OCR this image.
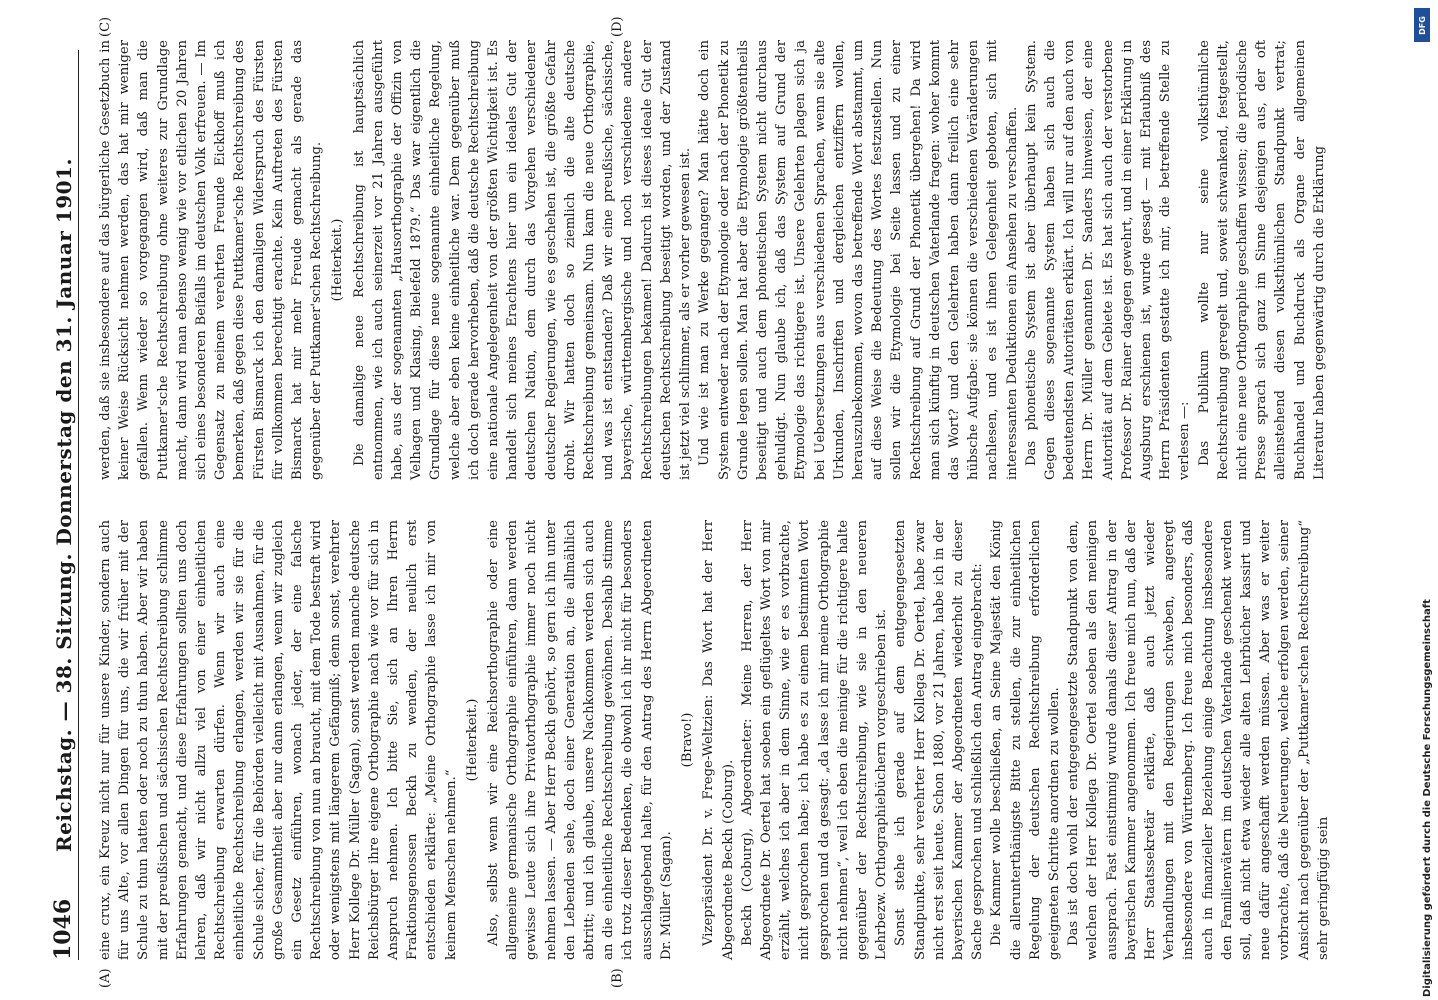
1046
Reichstag. — 38. Sitzung. Donnerstag den 31. Januar 1901.
(A)	(B)
(C)	(D)

eine crux, ein Kreuz nicht nur für unsere Kinder, sondern auch für uns Alte, vor allen Dingen für uns, die wir früher mit der Schule zu thun hatten oder noch zu thun haben. Aber wir haben mit der preußischen und sächsischen Rechtschreibung schlimme Erfahrungen gemacht, und diese Erfahrungen sollten uns doch lehren, daß wir nicht allzu viel von einer einheitlichen Rechtschreibung erwarten dürfen. Wenn wir auch eine einheitliche Rechtschreibung erlangen, werden wir sie für die Schule sicher, für die Behörden vielleicht mit Ausnahmen, für die große Gesammtheit aber nur dann erlangen, wenn wir zugleich ein Gesetz einführen, wonach jeder, der eine falsche Rechtschreibung von nun an braucht, mit dem Tode bestraft wird oder wenigstens mit längerem Gefängniß; denn sonst, verehrter Herr Kollege Dr. Müller (Sagan), sonst werden manche deutsche Reichsbürger ihre eigene Orthographie nach wie vor für sich in Anspruch nehmen. Ich bitte Sie, sich an Ihren Herrn Fraktionsgenossen Beckh zu wenden, der neulich erst entschieden erklärte: „Meine Orthographie lasse ich mir von keinem Menschen nehmen.“

(Heiterkeit.) Also, selbst wenn wir eine Reichsorthographie oder eine allgemeine germanische Orthographie einführen, dann werden gewisse Leute sich ihre Privatorthographie immer noch nicht nehmen lassen. — Aber Herr Beckh gehört, so gern ich ihn unter den Lebenden sehe, doch einer Generation an, die allmählich abtritt; und ich glaube, unsere Nachkommen werden sich auch an die einheitliche Rechtschreibung gewöhnen. Deshalb stimme ich trotz dieser Bedenken, die obwohl ich ihr nicht für besonders ausschlaggebend halte, für den Antrag des Herrn Abgeordneten Dr. Müller (Sagan).

(Bravo!) Vizepräsident Dr. v. Frege-Weltzien: Das Wort hat der Herr Abgeordnete Beckh (Coburg). Beckh (Coburg), Abgeordneter: Meine Herren, der Herr Abgeordnete Dr. Oertel hat soeben ein geflügeltes Wort von mir erzählt, welches ich aber in dem Sinne, wie er es vorbrachte, nicht gesprochen habe; ich habe es zu einem bestimmten Wort gesprochen und da gesagt: „da lasse ich mir meine Orthographie nicht nehmen“, weil ich eben die meinige für die richtigere halte gegenüber der Rechtschreibung, wie sie in den neueren Lehrbezw. Orthographiebüchern vorgeschrieben ist. Sonst stehe ich gerade auf dem entgegengesetzten Standpunkte, sehr verehrter Herr Kollega Dr. Oertel, habe zwar nicht erst seit heute. Schon 1880, vor 21 Jahren, habe ich in der bayerischen Kammer der Abgeordneten wiederholt zu dieser Sache gesprochen und schließlich den Antrag eingebracht: Die Kammer wolle beschließen, an Seine Majestät den König die allerunterthänigste Bitte zu stellen, die zur einheitlichen Regelung der deutschen Rechtschreibung erforderlichen geeigneten Schritte anordnen zu wollen. Das ist doch wohl der entgegengesetzte Standpunkt von dem, welchen der Herr Kollega Dr. Oertel soeben als den meinigen aussprach. Fast einstimmig wurde damals dieser Antrag in der bayerischen Kammer angenommen. Ich freue mich nun, daß der Herr Staatssekretär erklärte, daß auch jetzt wieder Verhandlungen mit den Regierungen schweben, angeregt insbesondere von Württemberg. Ich freue mich besonders, daß auch in finanzieller Beziehung einige Beachtung insbesondere den Familienvätern im deutschen Vaterlande geschenkt werden soll, daß nicht etwa wieder alle alten Lehrbücher kassirt und neue dafür angeschafft werden müssen. Aber was er weiter vorbrachte, daß die Neuerungen, welche erfolgen werden, seiner Ansicht nach gegenüber der „Puttkamer'schen Rechtschreibung“ sehr geringfügig sein

werden, daß sie insbesondere auf das bürgerliche Gesetzbuch in keiner Weise Rücksicht nehmen werden, das hat mir weniger gefallen. Wenn wieder so vorgegangen wird, daß man die Puttkamer'sche Rechtschreibung ohne weiteres zur Grundlage macht, dann wird man ebenso wenig wie vor etlichen 20 Jahren sich eines besonderen Beifalls im deutschen Volk erfreuen. — Im Gegensatz zu meinem verehrten Freunde Eickhoff muß ich bemerken, daß gegen diese Puttkamer'sche Rechtschreibung des Fürsten Bismarck ich den damaligen Widerspruch des Fürsten für vollkommen berechtigt erachte. Kein Auftreten des Fürsten Bismarck hat mir mehr Freude gemacht als gerade das gegenüber der Puttkamer'schen Rechtschreibung. (Heiterkeit.) Die damalige neue Rechtschreibung ist hauptsächlich entnommen, wie ich auch seinerzeit vor 21 Jahren ausgeführt habe, aus der sogenannten „Hausorthographie der Offizin von Velhagen und Klasing, Bielefeld 1879.“ Das war eigentlich die Grundlage für diese neue sogenannte einheitliche Regelung, welche aber eben keine einheitliche war. Dem gegenüber muß ich doch gerade hervorheben, daß die deutsche Rechtschreibung eine nationale Angelegenheit von der größten Wichtigkeit ist. Es handelt sich meines Erachtens hier um ein ideales Gut der deutschen Nation, dem durch das Vorgehen verschiedener deutscher Regierungen, wie es geschehen ist, die größte Gefahr droht. Wir hatten doch so ziemlich die alte deutsche Rechtschreibung gemeinsam. Nun kam die neue Orthographie, und was ist entstanden? Daß wir eine preußische, sächsische, bayerische, württembergische und noch verschiedene andere Rechtschreibungen bekamen! Dadurch ist dieses ideale Gut der deutschen Rechtschreibung beseitigt worden, und der Zustand ist jetzt viel schlimmer, als er vorher gewesen ist. Und wie ist man zu Werke gegangen? Man hätte doch ein System entweder nach der Etymologie oder nach der Phonetik zu Grunde legen sollen. Man hat aber die Etymologie größtentheils beseitigt und auch dem phonetischen System nicht durchaus gehuldigt. Nun glaube ich, daß das System auf Grund der Etymologie das richtigere ist. Unsere Gelehrten plagen sich ja bei Uebersetzungen aus verschiedenen Sprachen, wenn sie alte Urkunden, Inschriften und dergleichen entziffern wollen, herauszubekommen, wovon das betreffende Wort abstammt, um auf diese Weise die Bedeutung des Wortes festzustellen. Nun sollen wir die Etymologie bei Seite lassen und zu einer Rechtschreibung auf Grund der Phonetik übergehen! Da wird man sich künftig in deutschen Vaterlande fragen: woher kommt das Wort? und den Gelehrten haben dann freilich eine sehr hübsche Aufgabe: sie können die verschiedenen Veränderungen nachlesen, und es ist ihnen Gelegenheit geboten, sich mit interessanten Deduktionen ein Ansehen zu verschaffen. Das phonetische System ist aber überhaupt kein System. Gegen dieses sogenannte System haben sich auch die bedeutendsten Autoritäten erklärt. Ich will nur auf den auch von Herrn Dr. Müller genannten Dr. Sanders hinweisen, der eine Autorität auf dem Gebiete ist. Es hat sich auch der verstorbene Professor Dr. Rainer dagegen gewehrt, und in einer Erklärung in Augsburg erschienen ist, wurde gesagt — mit Erlaubniß des Herrn Präsidenten gestatte ich mir, die betreffende Stelle zu verlesen —: Das Publikum wollte nur seine volksthümliche Rechtschreibung geregelt und, soweit schwankend, festgestellt, nicht eine neue Orthographie geschaffen wissen; die periodische Presse sprach sich ganz im Sinne desjenigen aus, der oft alleinstehend diesen volksthümlichen Standpunkt vertrat; Buchhandel und Buchdruck als Organe der allgemeinen Literatur haben gegenwärtig durch die Erklärung

DFG
Digitalisierung gefördert durch die Deutsche Forschungsgemeinschaft
